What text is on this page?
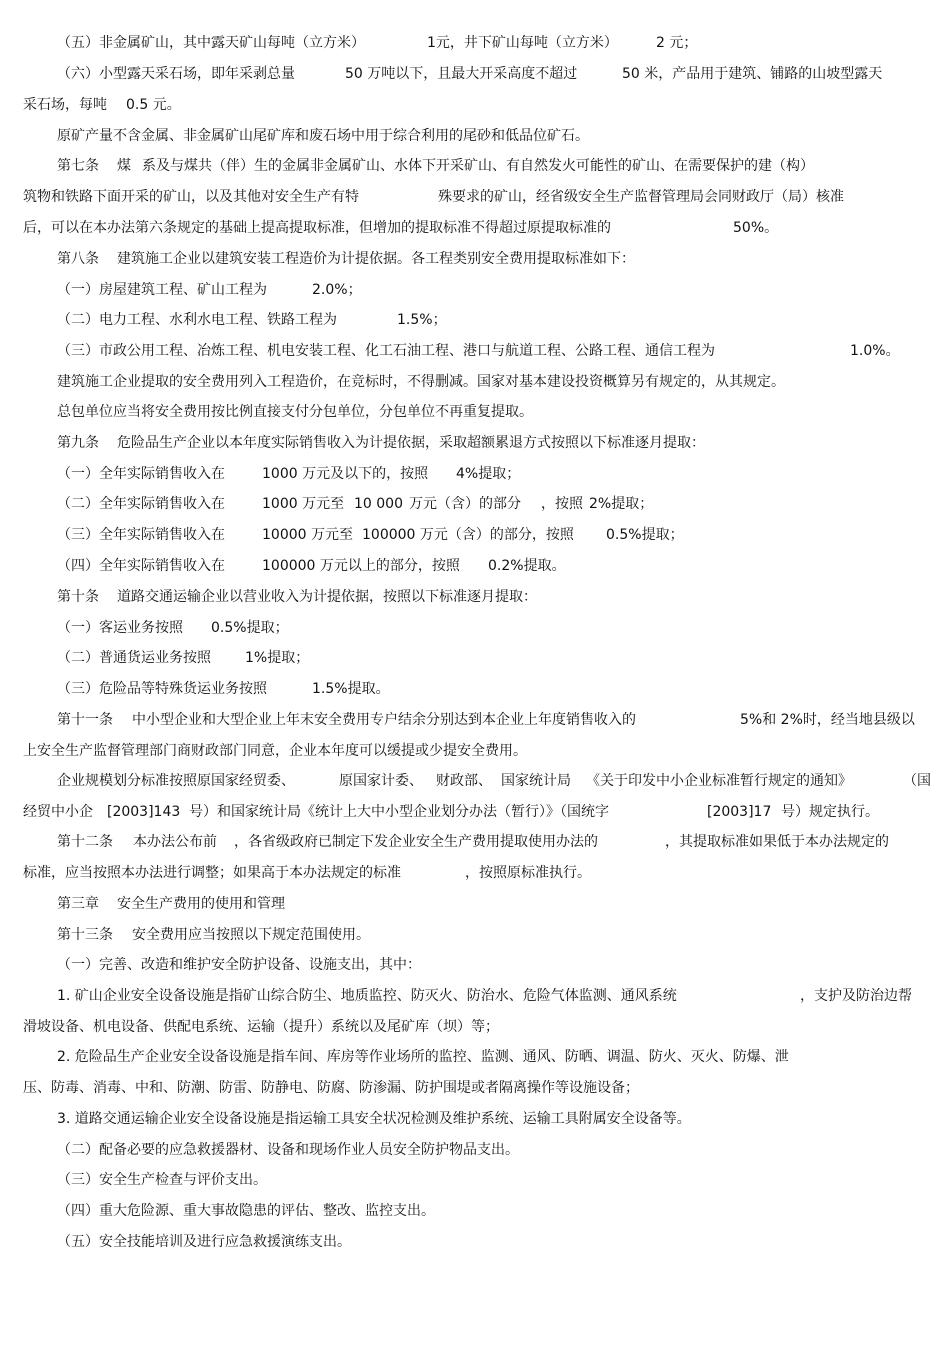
（五）非金属矿山，其中露天矿山每吨（立方米）	1元，井下矿山每吨（立方米）	2 元；
（六）小型露天采石场，即年采剥总量	50 万吨以下，且最大开采高度不超过	50 米，产品用于建筑、铺路的山坡型露天
采石场，每吨 0.5 元。
原矿产量不含金属、非金属矿山尾矿库和废石场中用于综合利用的尾砂和低品位矿石。
第七条 煤 系及与煤共（伴）生的金属非金属矿山、水体下开采矿山、有自然发火可能性的矿山、在需要保护的建（构）
筑物和铁路下面开采的矿山，以及其他对安全生产有特	殊要求的矿山，经省级安全生产监督管理局会同财政厅（局）核准
后，可以在本办法第六条规定的基础上提高提取标准，但增加的提取标准不得超过原提取标准的	50%。
第八条 建筑施工企业以建筑安装工程造价为计提依据。各工程类别安全费用提取标准如下：
（一）房屋建筑工程、矿山工程为	2.0%；
（二）电力工程、水利水电工程、铁路工程为	1.5%；
（三）市政公用工程、冶炼工程、机电安装工程、化工石油工程、港口与航道工程、公路工程、通信工程为	1.0%。
建筑施工企业提取的安全费用列入工程造价，在竞标时，不得删减。国家对基本建设投资概算另有规定的，从其规定。
总包单位应当将安全费用按比例直接支付分包单位，分包单位不再重复提取。
第九条 危险品生产企业以本年度实际销售收入为计提依据，采取超额累退方式按照以下标准逐月提取：
（一）全年实际销售收入在	1000 万元及以下的，按照 4%提取；
（二）全年实际销售收入在	1000 万元至 10 000 万元（含）的部分 ，按照 2%提取；
（三）全年实际销售收入在	10000 万元至 100000 万元（含）的部分，按照 0.5%提取；
（四）全年实际销售收入在	100000 万元以上的部分，按照 0.2%提取。
第十条 道路交通运输企业以营业收入为计提依据，按照以下标准逐月提取：
（一）客运业务按照 0.5%提取；
（二）普通货运业务按照 1%提取；
（三）危险品等特殊货运业务按照	1.5%提取。
第十一条 中小型企业和大型企业上年末安全费用专户结余分别达到本企业上年度销售收入的	5%和 2%时，经当地县级以
上安全生产监督管理部门商财政部门同意，企业本年度可以缓提或少提安全费用。
企业规模划分标准按照原国家经贸委、	原国家计委、 财政部、 国家统计局 《关于印发中小企业标准暂行规定的通知》	（国
经贸中小企 [2003]143 号）和国家统计局《统计上大中小型企业划分办法（暂行）》（国统字	[2003]17 号）规定执行。
第十二条 本办法公布前 ，各省级政府已制定下发企业安全生产费用提取使用办法的	，其提取标准如果低于本办法规定的
标准，应当按照本办法进行调整；如果高于本办法规定的标准	，按照原标准执行。
第三章 安全生产费用的使用和管理
第十三条 安全费用应当按照以下规定范围使用。
（一）完善、改造和维护安全防护设备、设施支出，其中：
1. 矿山企业安全设备设施是指矿山综合防尘、地质监控、防灭火、防治水、危险气体监测、通风系统	，支护及防治边帮
滑坡设备、机电设备、供配电系统、运输（提升）系统以及尾矿库（坝）等；
2. 危险品生产企业安全设备设施是指车间、库房等作业场所的监控、监测、通风、防晒、调温、防火、灭火、防爆、泄
压、防毒、消毒、中和、防潮、防雷、防静电、防腐、防渗漏、防护围堤或者隔离操作等设施设备；
3. 道路交通运输企业安全设备设施是指运输工具安全状况检测及维护系统、运输工具附属安全设备等。
（二）配备必要的应急救援器材、设备和现场作业人员安全防护物品支出。
（三）安全生产检查与评价支出。
（四）重大危险源、重大事故隐患的评估、整改、监控支出。
（五）安全技能培训及进行应急救援演练支出。
